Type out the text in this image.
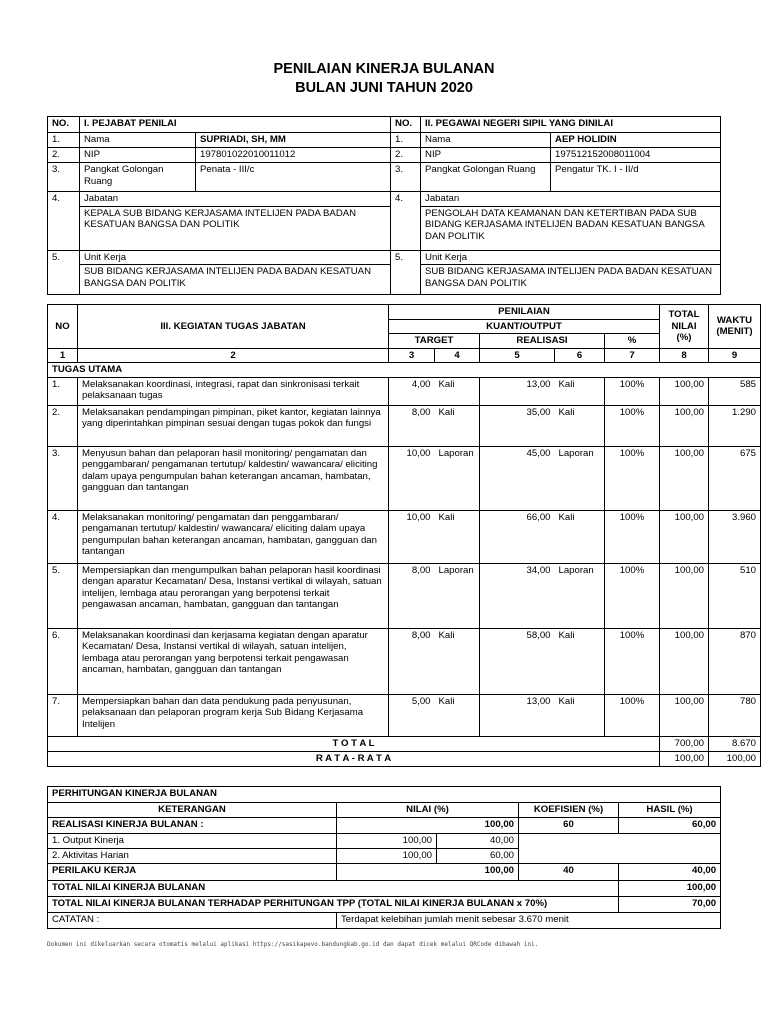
PENILAIAN KINERJA BULANAN
BULAN JUNI TAHUN 2020
NO.	I. PEJABAT PENILAI		NO.	II. PEGAWAI NEGERI SIPIL YANG DINILAI	
1.	Nama	SUPRIADI, SH, MM	1.	Nama	AEP HOLIDIN
2.	NIP	197801022010011012	2.	NIP	197512152008011004
3.	Pangkat Golongan Ruang	Penata - III/c	3.	Pangkat Golongan Ruang	Pengatur TK. I - II/d
4.	Jabatan		4.	Jabatan	
	KEPALA SUB BIDANG KERJASAMA INTELIJEN PADA BADAN KESATUAN BANGSA DAN POLITIK			PENGOLAH DATA KEAMANAN DAN KETERTIBAN PADA SUB BIDANG KERJASAMA INTELIJEN BADAN KESATUAN BANGSA DAN POLITIK	
5.	Unit Kerja		5.	Unit Kerja	
	SUB BIDANG KERJASAMA INTELIJEN PADA BADAN KESATUAN BANGSA DAN POLITIK			SUB BIDANG KERJASAMA INTELIJEN PADA BADAN KESATUAN BANGSA DAN POLITIK	
NO	III. KEGIATAN TUGAS JABATAN	PENILAIAN					TOTAL NILAI (%)	WAKTU (MENIT)
		KUANT/OUTPUT						
		TARGET		REALISASI		%		
1	2	3	4	5	6	7	8	9
TUGAS UTAMA								
1.	Melaksanakan koordinasi, integrasi, rapat dan sinkronisasi terkait pelaksanaan tugas	4,00	Kali	13,00	Kali	100%	100,00	585
2.	Melaksanakan pendampingan pimpinan, piket kantor, kegiatan lainnya yang diperintahkan pimpinan sesuai dengan tugas pokok dan fungsi	8,00	Kali	35,00	Kali	100%	100,00	1.290
3.	Menyusun bahan dan pelaporan hasil monitoring/ pengamatan dan penggambaran/ pengamanan tertutup/ kaldestin/ wawancara/ eliciting dalam upaya pengumpulan bahan keterangan ancaman, hambatan, gangguan dan tantangan	10,00	Laporan	45,00	Laporan	100%	100,00	675
4.	Melaksanakan monitoring/ pengamatan dan penggambaran/ pengamanan tertutup/ kaldestin/ wawancara/ eliciting dalam upaya pengumpulan bahan keterangan ancaman, hambatan, gangguan dan tantangan	10,00	Kali	66,00	Kali	100%	100,00	3.960
5.	Mempersiapkan dan mengumpulkan bahan pelaporan hasil koordinasi dengan aparatur Kecamatan/ Desa, Instansi vertikal di wilayah, satuan intelijen, lembaga atau perorangan yang berpotensi terkait pengawasan ancaman, hambatan, gangguan dan tantangan	8,00	Laporan	34,00	Laporan	100%	100,00	510
6.	Melaksanakan koordinasi dan kerjasama kegiatan dengan aparatur Kecamatan/ Desa, Instansi vertikal di wilayah, satuan intelijen, lembaga atau perorangan yang berpotensi terkait pengawasan ancaman, hambatan, gangguan dan tantangan	8,00	Kali	58,00	Kali	100%	100,00	870
7.	Mempersiapkan bahan dan data pendukung pada penyusunan, pelaksanaan dan pelaporan program kerja Sub Bidang Kerjasama Intelijen	5,00	Kali	13,00	Kali	100%	100,00	780
T O T A L							700,00	8.670
R A T A - R A T A							100,00	100,00
PERHITUNGAN KINERJA BULANAN				
KETERANGAN	NILAI (%)		KOEFISIEN (%)	HASIL (%)
REALISASI KINERJA BULANAN :	100,00		60	60,00
1. Output Kinerja	100,00	40,00		
2. Aktivitas Harian	100,00	60,00		
PERILAKU KERJA	100,00		40	40,00
TOTAL NILAI KINERJA BULANAN				100,00
TOTAL NILAI KINERJA BULANAN TERHADAP PERHITUNGAN TPP (TOTAL NILAI KINERJA BULANAN x 70%)				70,00
CATATAN :	Terdapat kelebihan jumlah menit sebesar 3.670 menit			
Dokumen ini dikeluarkan secara otomatis melalui aplikasi https://sasikapevo.bandungkab.go.id dan dapat dicek melalui QRCode dibawah ini.
